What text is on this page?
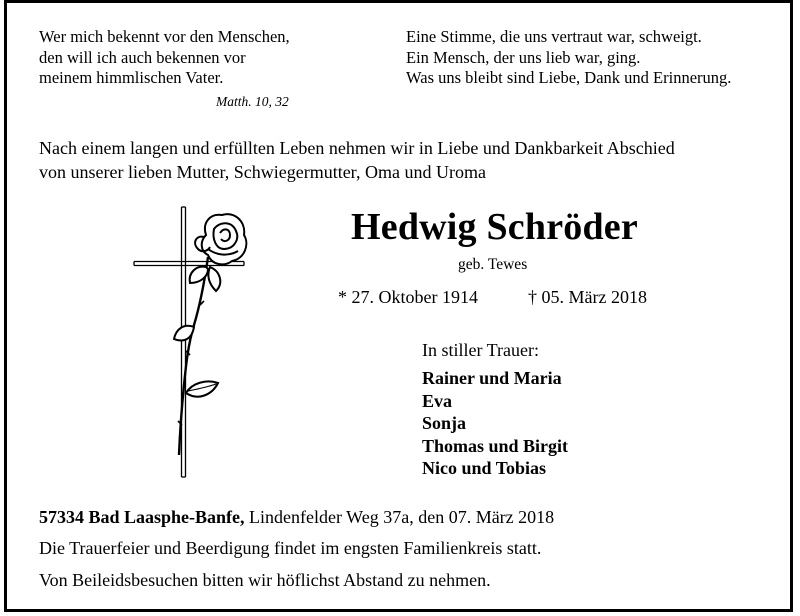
Wer mich bekennt vor den Menschen,
den will ich auch bekennen vor
meinem himmlischen Vater.
Matth. 10, 32
Eine Stimme, die uns vertraut war, schweigt.
Ein Mensch, der uns lieb war, ging.
Was uns bleibt sind Liebe, Dank und Erinnerung.
Nach einem langen und erfüllten Leben nehmen wir in Liebe und Dankbarkeit Abschied
von unserer lieben Mutter, Schwiegermutter, Oma und Uroma
Hedwig Schröder
geb. Tewes
* 27. Oktober 1914	† 05. März 2018
In stiller Trauer:
Rainer und Maria
Eva
Sonja
Thomas und Birgit
Nico und Tobias
57334 Bad Laasphe-Banfe, Lindenfelder Weg 37a, den 07. März 2018
Die Trauerfeier und Beerdigung findet im engsten Familienkreis statt.
Von Beileidsbesuchen bitten wir höflichst Abstand zu nehmen.
